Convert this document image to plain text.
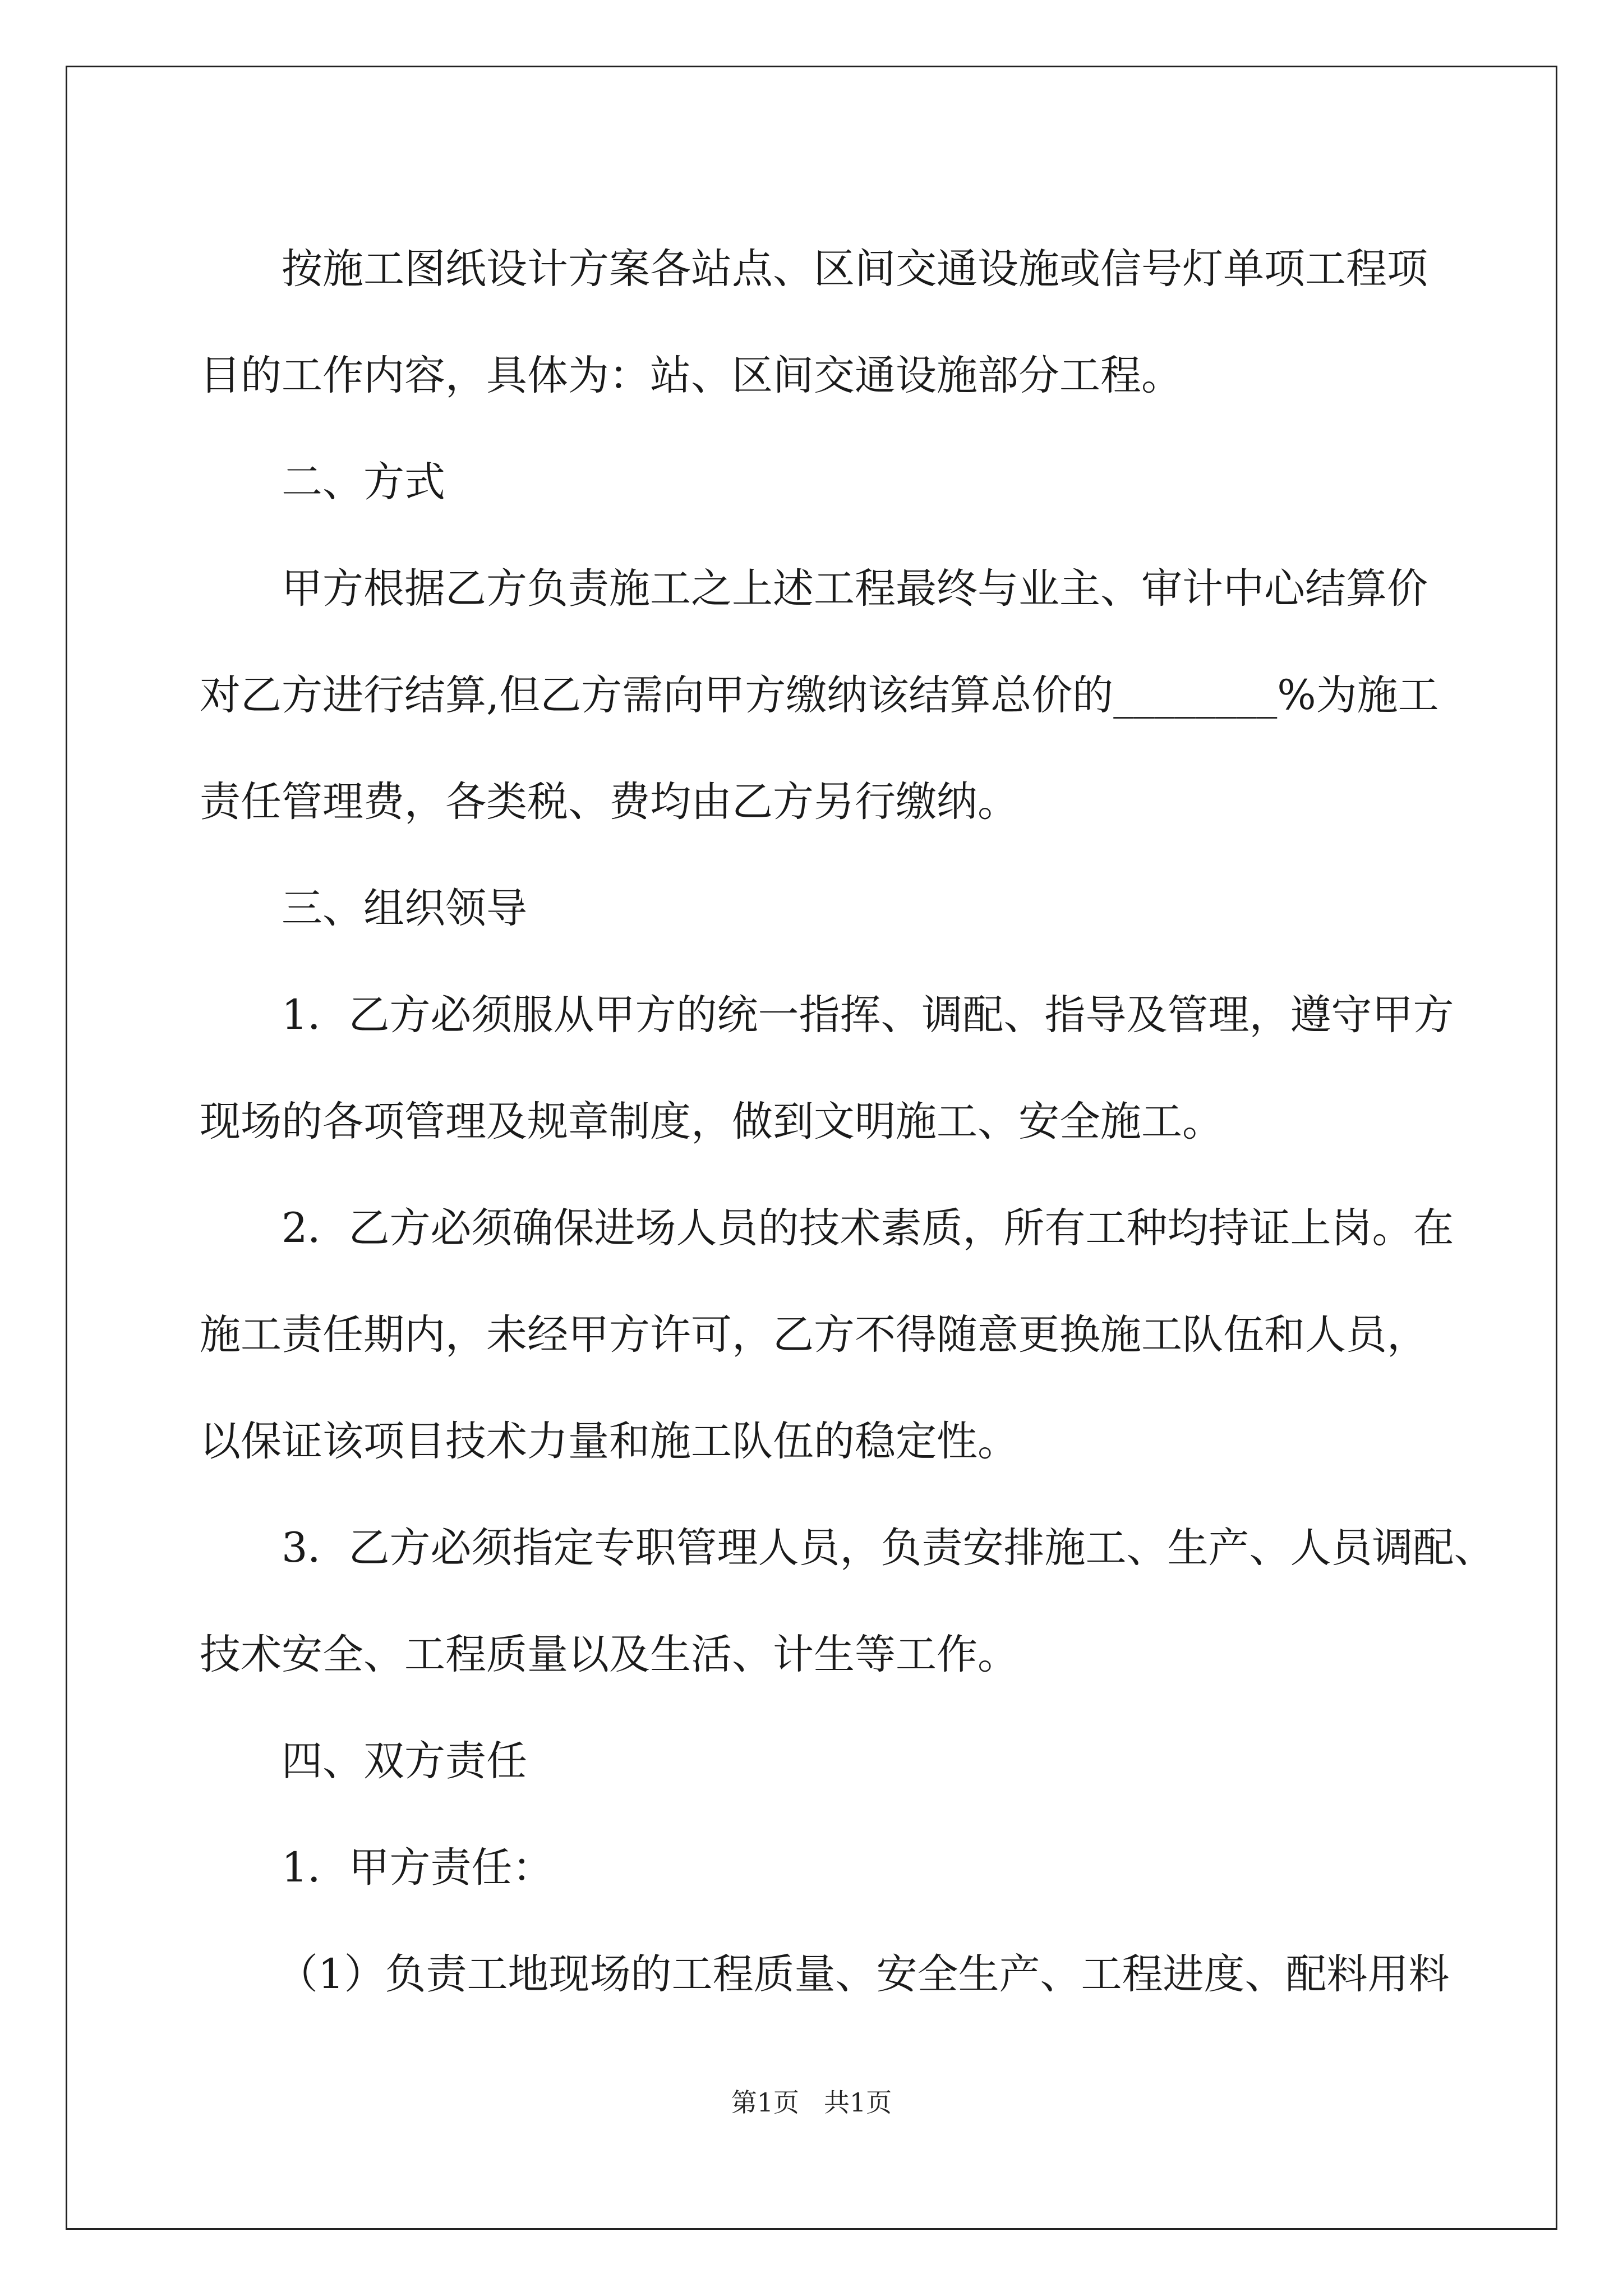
按施工图纸设计方案各站点、区间交通设施或信号灯单项工程项

目的工作内容，具体为：站、区间交通设施部分工程。

二、方式

甲方根据乙方负责施工之上述工程最终与业主、审计中心结算价

对乙方进行结算,但乙方需向甲方缴纳该结算总价的________%为施工

责任管理费，各类税、费均由乙方另行缴纳。

三、组织领导

1．乙方必须服从甲方的统一指挥、调配、指导及管理，遵守甲方

现场的各项管理及规章制度，做到文明施工、安全施工。

2．乙方必须确保进场人员的技术素质，所有工种均持证上岗。在

施工责任期内，未经甲方许可，乙方不得随意更换施工队伍和人员，

以保证该项目技术力量和施工队伍的稳定性。

3．乙方必须指定专职管理人员，负责安排施工、生产、人员调配、

技术安全、工程质量以及生活、计生等工作。

四、双方责任

1．甲方责任：

（1）负责工地现场的工程质量、安全生产、工程进度、配料用料

第1页 共1页
